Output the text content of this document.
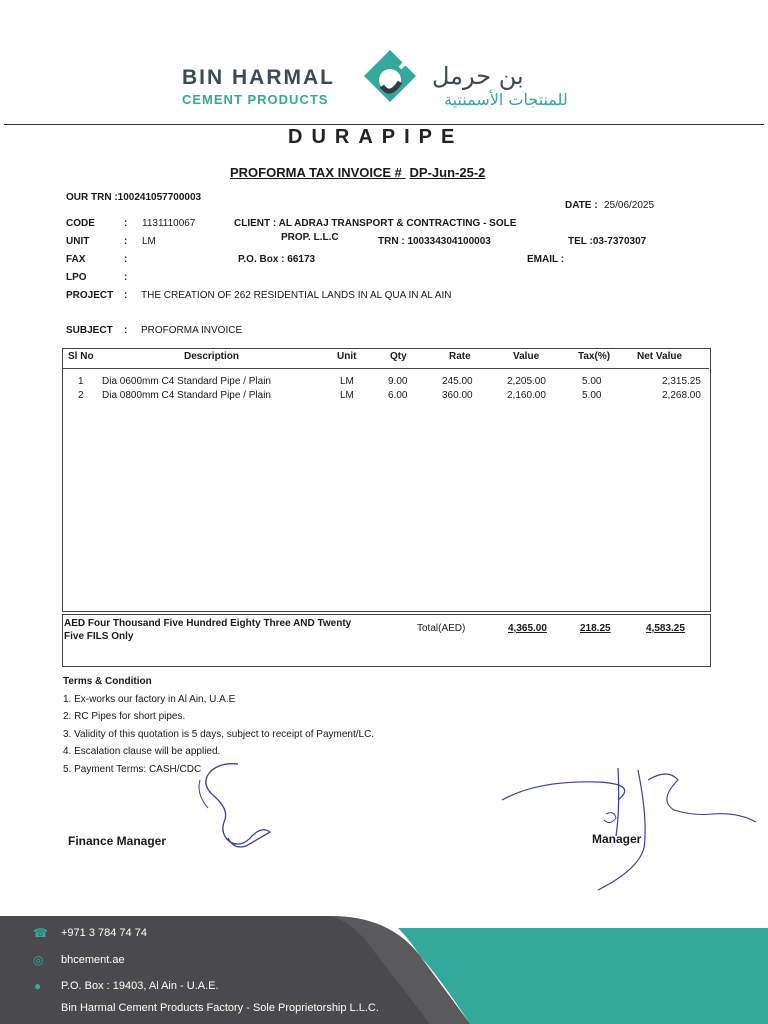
BIN HARMAL
CEMENT PRODUCTS
بن حرمل
للمنتجات الأسمنتية
DURAPIPE
PROFORMA TAX INVOICE # DP-Jun-25-2
OUR TRN :100241057700003
DATE : 25/06/2025
CODE	: 1131110067	CLIENT : AL ADRAJ TRANSPORT & CONTRACTING - SOLE
UNIT	: LM	PROP. L.L.C	TRN : 100334304100003	TEL :03-7370307
FAX	:	P.O. Box : 66173	EMAIL :
LPO	:
PROJECT : THE CREATION OF 262 RESIDENTIAL LANDS IN AL QUA IN AL AIN
SUBJECT : PROFORMA INVOICE
Sl No	Description	Unit	Qty	Rate	Value	Tax(%)	Net Value
1 Dia 0600mm C4 Standard Pipe / Plain	LM	9.00	245.00	2,205.00	5.00	2,315.25
2 Dia 0800mm C4 Standard Pipe / Plain	LM	6.00	360.00	2,160.00	5.00	2,268.00
AED Four Thousand Five Hundred Eighty Three AND Twenty
Five FILS Only
Total(AED)	4,365.00	218.25	4,583.25
Terms & Condition
1. Ex-works our factory in Al Ain, U.A.E
2. RC Pipes for short pipes.
3. Validity of this quotation is 5 days, subject to receipt of Payment/LC.
4. Escalation clause will be applied.
5. Payment Terms: CASH/CDC
Finance Manager	Manager
☎ +971 3 784 74 74
◎ bhcement.ae
● P.O. Box : 19403, Al Ain - U.A.E.
Bin Harmal Cement Products Factory - Sole Proprietorship L.L.C.
